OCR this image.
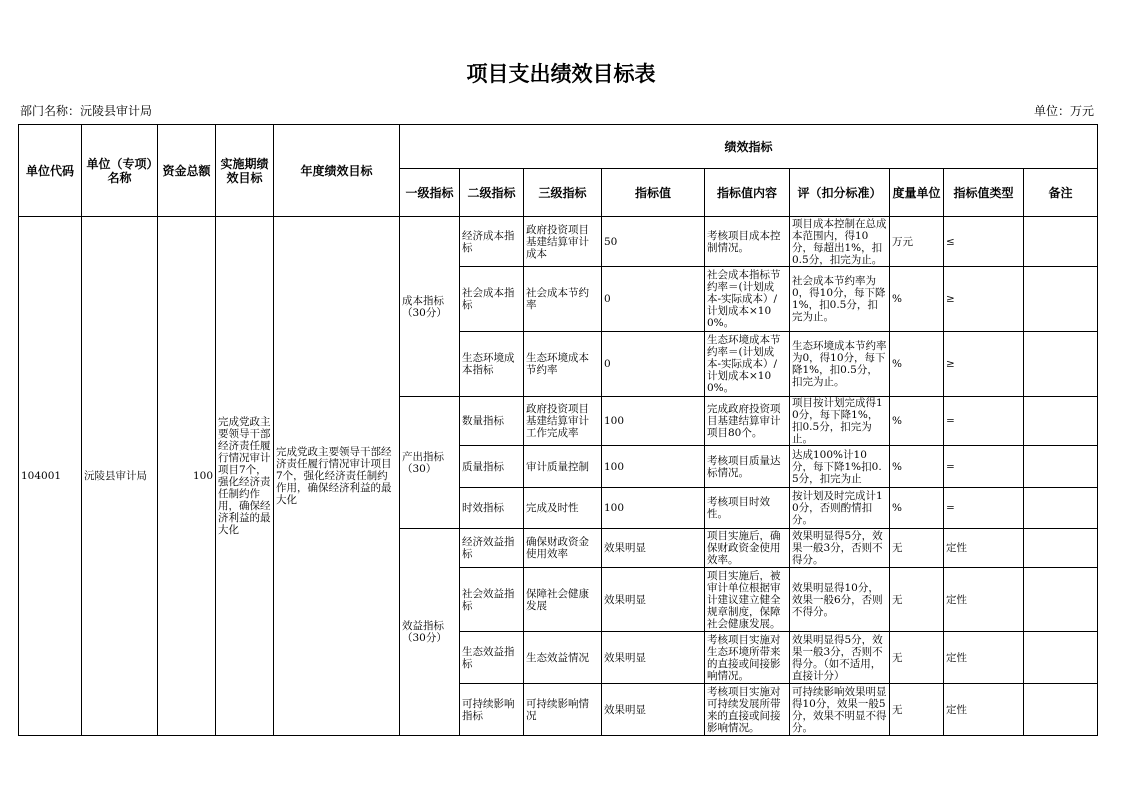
项目支出绩效目标表
部门名称：沅陵县审计局	单位：万元
单位代码	单位（专项）名称	资金总额	实施期绩效目标	年度绩效目标	绩效指标								
					一级指标	二级指标	三级指标	指标值	指标值内容	评（扣分标准）	度量单位	指标值类型	备注
104001	沅陵县审计局	100	完成党政主要领导干部经济责任履行情况审计项目7个，强化经济责任制约作用，确保经济利益的最大化	完成党政主要领导干部经济责任履行情况审计项目7个，强化经济责任制约作用，确保经济利益的最大化	成本指标（30分）	经济成本指标	政府投资项目基建结算审计成本	50	考核项目成本控制情况。	项目成本控制在总成本范围内，得10分，每超出1%，扣0.5分，扣完为止。	万元	≤	
						社会成本指标	社会成本节约率	0	社会成本指标节约率＝(计划成本-实际成本）/计划成本×100%。	社会成本节约率为0，得10分，每下降1%，扣0.5分，扣完为止。	%	≥	
						生态环境成本指标	生态环境成本节约率	0	生态环境成本节约率＝(计划成本-实际成本）/计划成本×100%。	生态环境成本节约率为0，得10分，每下降1%，扣0.5分，扣完为止。	%	≥	
					产出指标（30）	数量指标	政府投资项目基建结算审计工作完成率	100	完成政府投资项目基建结算审计项目80个。	项目按计划完成得10分，每下降1%，扣0.5分，扣完为止。	%	=	
						质量指标	审计质量控制	100	考核项目质量达标情况。	达成100%计10分，每下降1%扣0.5分，扣完为止	%	=	
						时效指标	完成及时性	100	考核项目时效性。	按计划及时完成计10分，否则酌情扣分。	%	=	
					效益指标（30分）	经济效益指标	确保财政资金使用效率	效果明显	项目实施后，确保财政资金使用效率。	效果明显得5分，效果一般3分，否则不得分。	无	定性	
						社会效益指标	保障社会健康发展	效果明显	项目实施后，被审计单位根据审计建议建立健全规章制度，保障社会健康发展。	效果明显得10分，效果一般6分，否则不得分。	无	定性	
						生态效益指标	生态效益情况	效果明显	考核项目实施对生态环境所带来的直接或间接影响情况。	效果明显得5分，效果一般3分，否则不得分。（如不适用，直接计分）	无	定性	
						可持续影响指标	可持续影响情况	效果明显	考核项目实施对可持续发展所带来的直接或间接影响情况。	可持续影响效果明显得10分，效果一般5分，效果不明显不得分。	无	定性	
